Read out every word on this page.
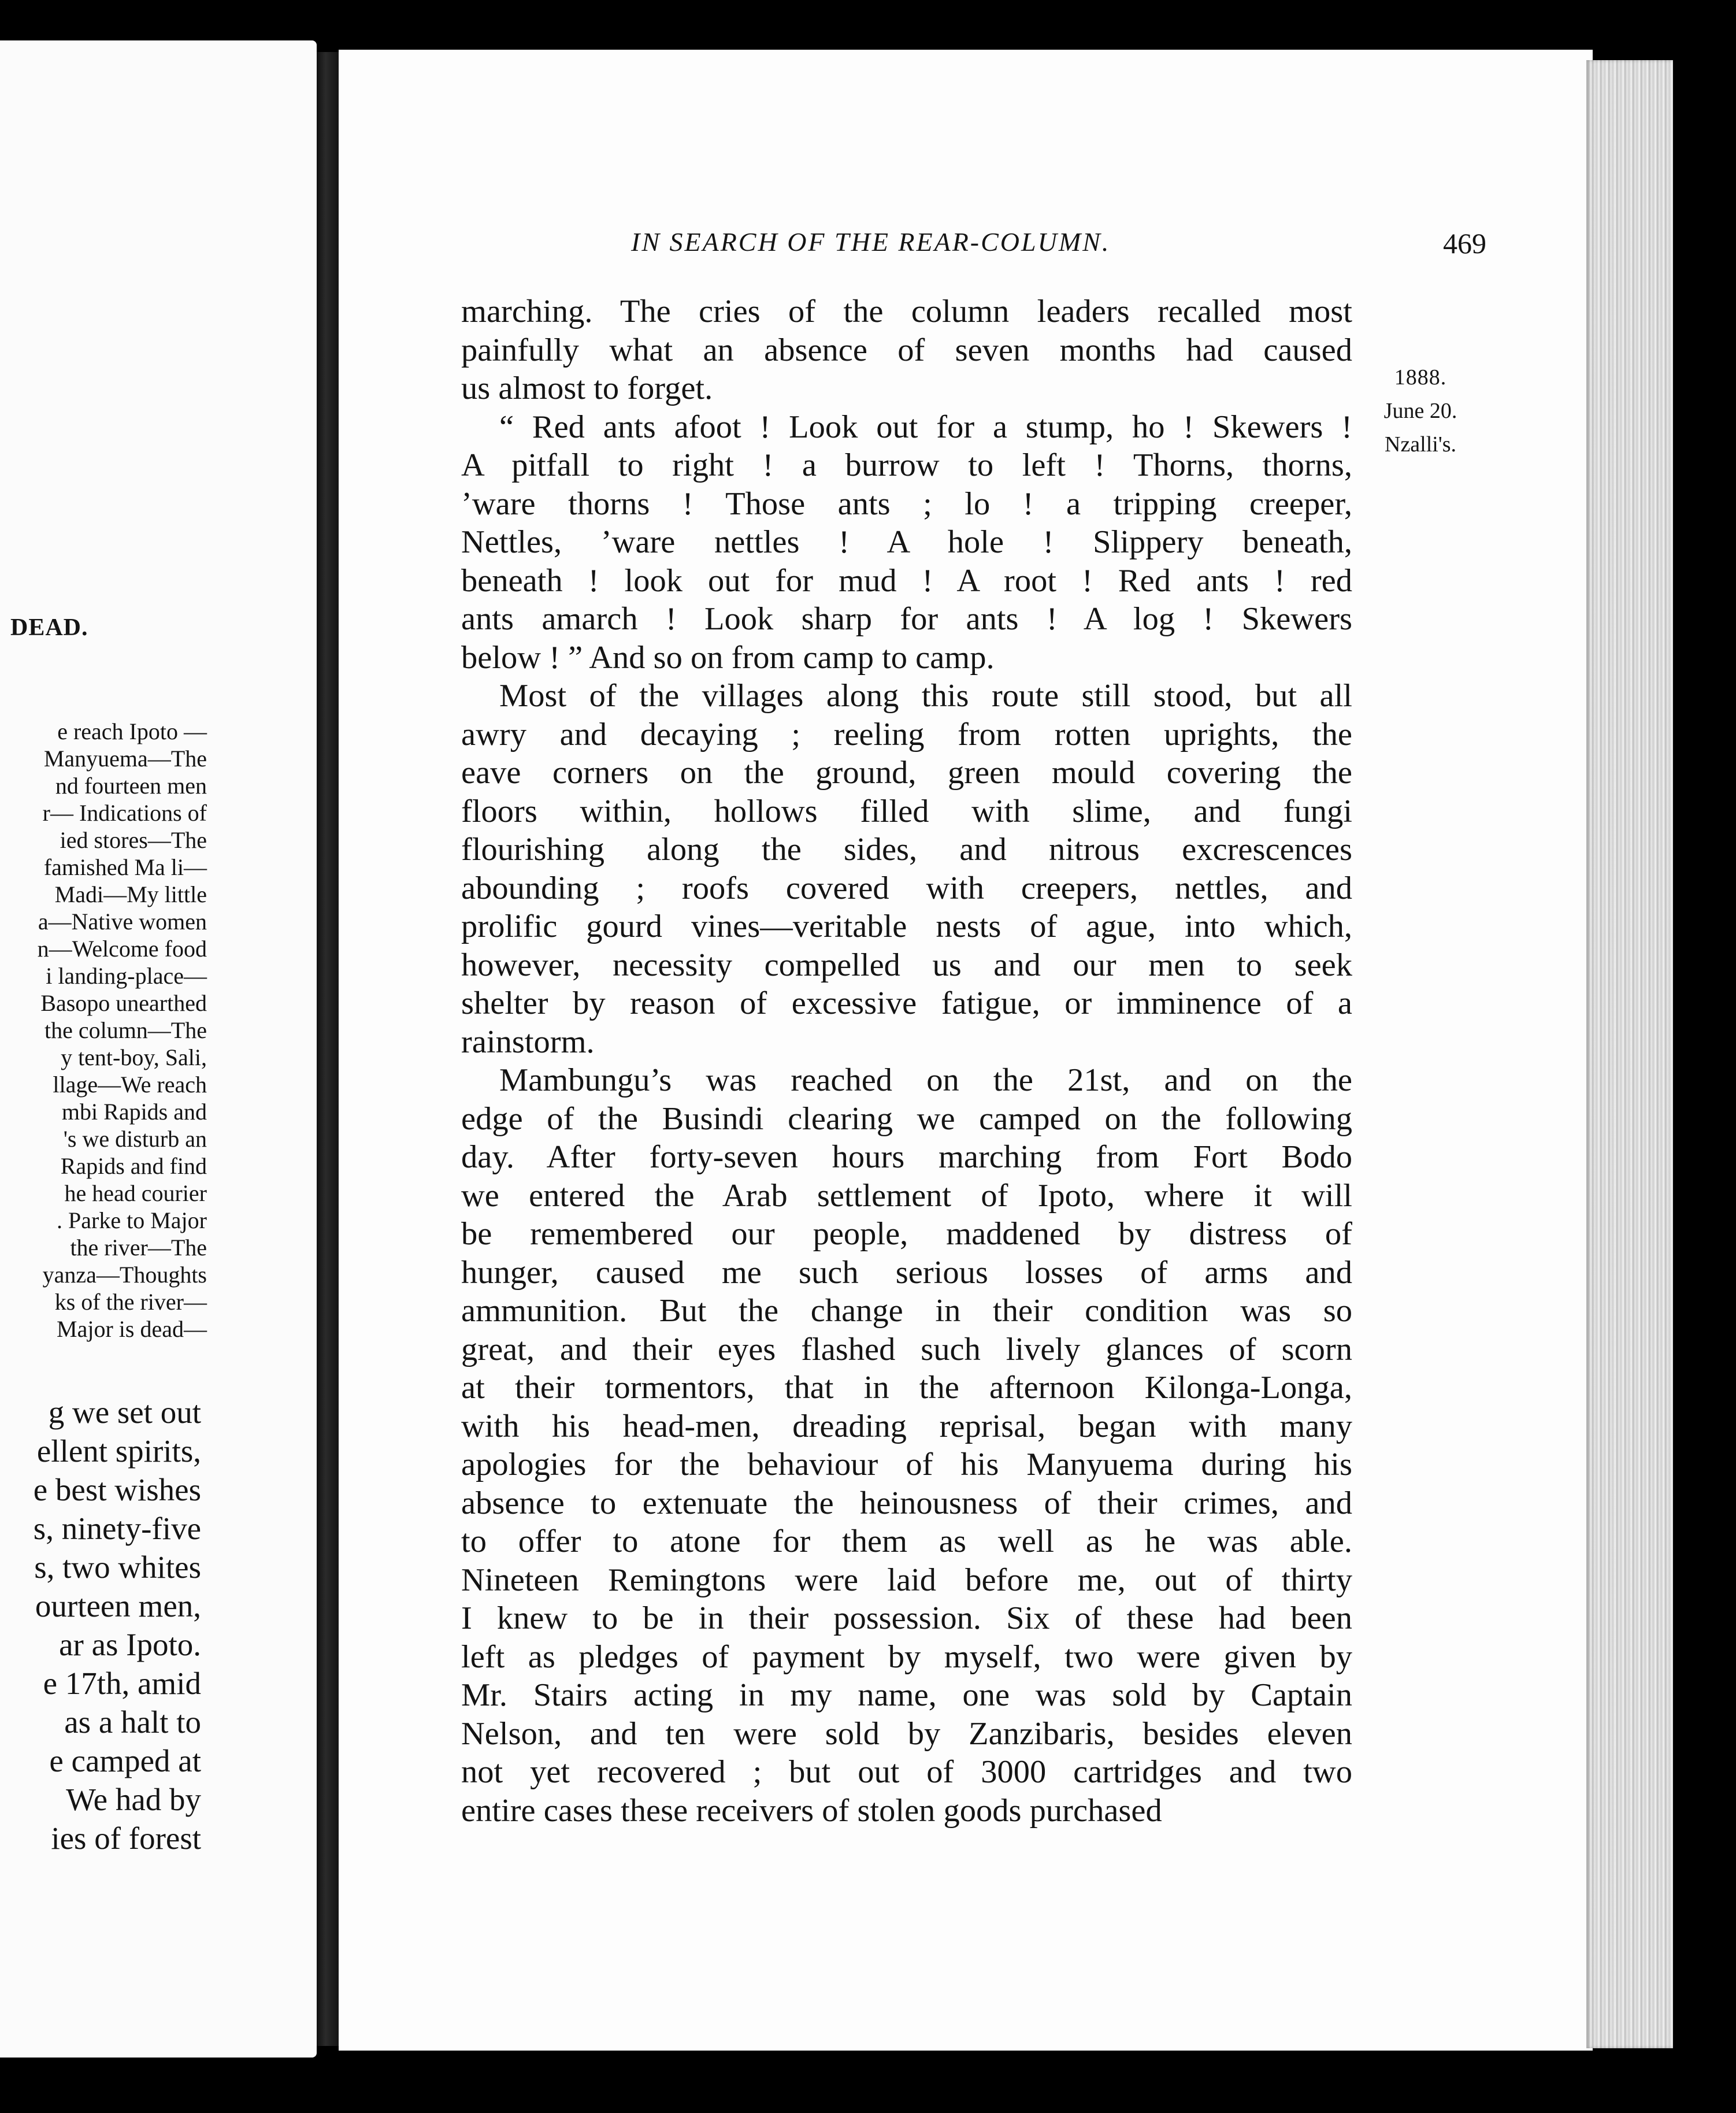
DEAD.
e reach Ipoto —
Manyuema—The
nd fourteen men
r— Indications of
ied stores—The
famished Ma li—
Madi—My little
a—Native women
n—Welcome food
i landing-place—
Basopo unearthed
the column—The
y tent-boy, Sali,
llage—We reach
mbi Rapids and
's we disturb an
Rapids and find
he head courier
. Parke to Major
the river—The
yanza—Thoughts
ks of the river—
Major is dead—
g we set out
ellent spirits,
e best wishes
s, ninety-five
s, two whites
ourteen men,
ar as Ipoto.
e 17th, amid
as a halt to
e camped at
We had by
ies of forest
IN SEARCH OF THE REAR-COLUMN.	469

marching. The cries of the column leaders recalled most
painfully what an absence of seven months had caused
us almost to forget.

“ Red ants afoot ! Look out for a stump, ho ! Skewers !
A pitfall to right ! a burrow to left ! Thorns, thorns,
’ware thorns ! Those ants ; lo ! a tripping creeper,
Nettles, ’ware nettles ! A hole ! Slippery beneath,
beneath ! look out for mud ! A root ! Red ants ! red
ants amarch ! Look sharp for ants ! A log ! Skewers
below ! ” And so on from camp to camp.

Most of the villages along this route still stood, but all
awry and decaying ; reeling from rotten uprights, the
eave corners on the ground, green mould covering the
floors within, hollows filled with slime, and fungi
flourishing along the sides, and nitrous excrescences
abounding ; roofs covered with creepers, nettles, and
prolific gourd vines—veritable nests of ague, into which,
however, necessity compelled us and our men to seek
shelter by reason of excessive fatigue, or imminence of a
rainstorm.

Mambungu’s was reached on the 21st, and on the
edge of the Busindi clearing we camped on the following
day. After forty-seven hours marching from Fort Bodo
we entered the Arab settlement of Ipoto, where it will
be remembered our people, maddened by distress of
hunger, caused me such serious losses of arms and
ammunition. But the change in their condition was so
great, and their eyes flashed such lively glances of scorn
at their tormentors, that in the afternoon Kilonga-Longa,
with his head-men, dreading reprisal, began with many
apologies for the behaviour of his Manyuema during his
absence to extenuate the heinousness of their crimes, and
to offer to atone for them as well as he was able.
Nineteen Remingtons were laid before me, out of thirty
I knew to be in their possession. Six of these had been
left as pledges of payment by myself, two were given by
Mr. Stairs acting in my name, one was sold by Captain
Nelson, and ten were sold by Zanzibaris, besides eleven
not yet recovered ; but out of 3000 cartridges and two
entire cases these receivers of stolen goods purchased

1888.
June 20.
Nzalli's.
